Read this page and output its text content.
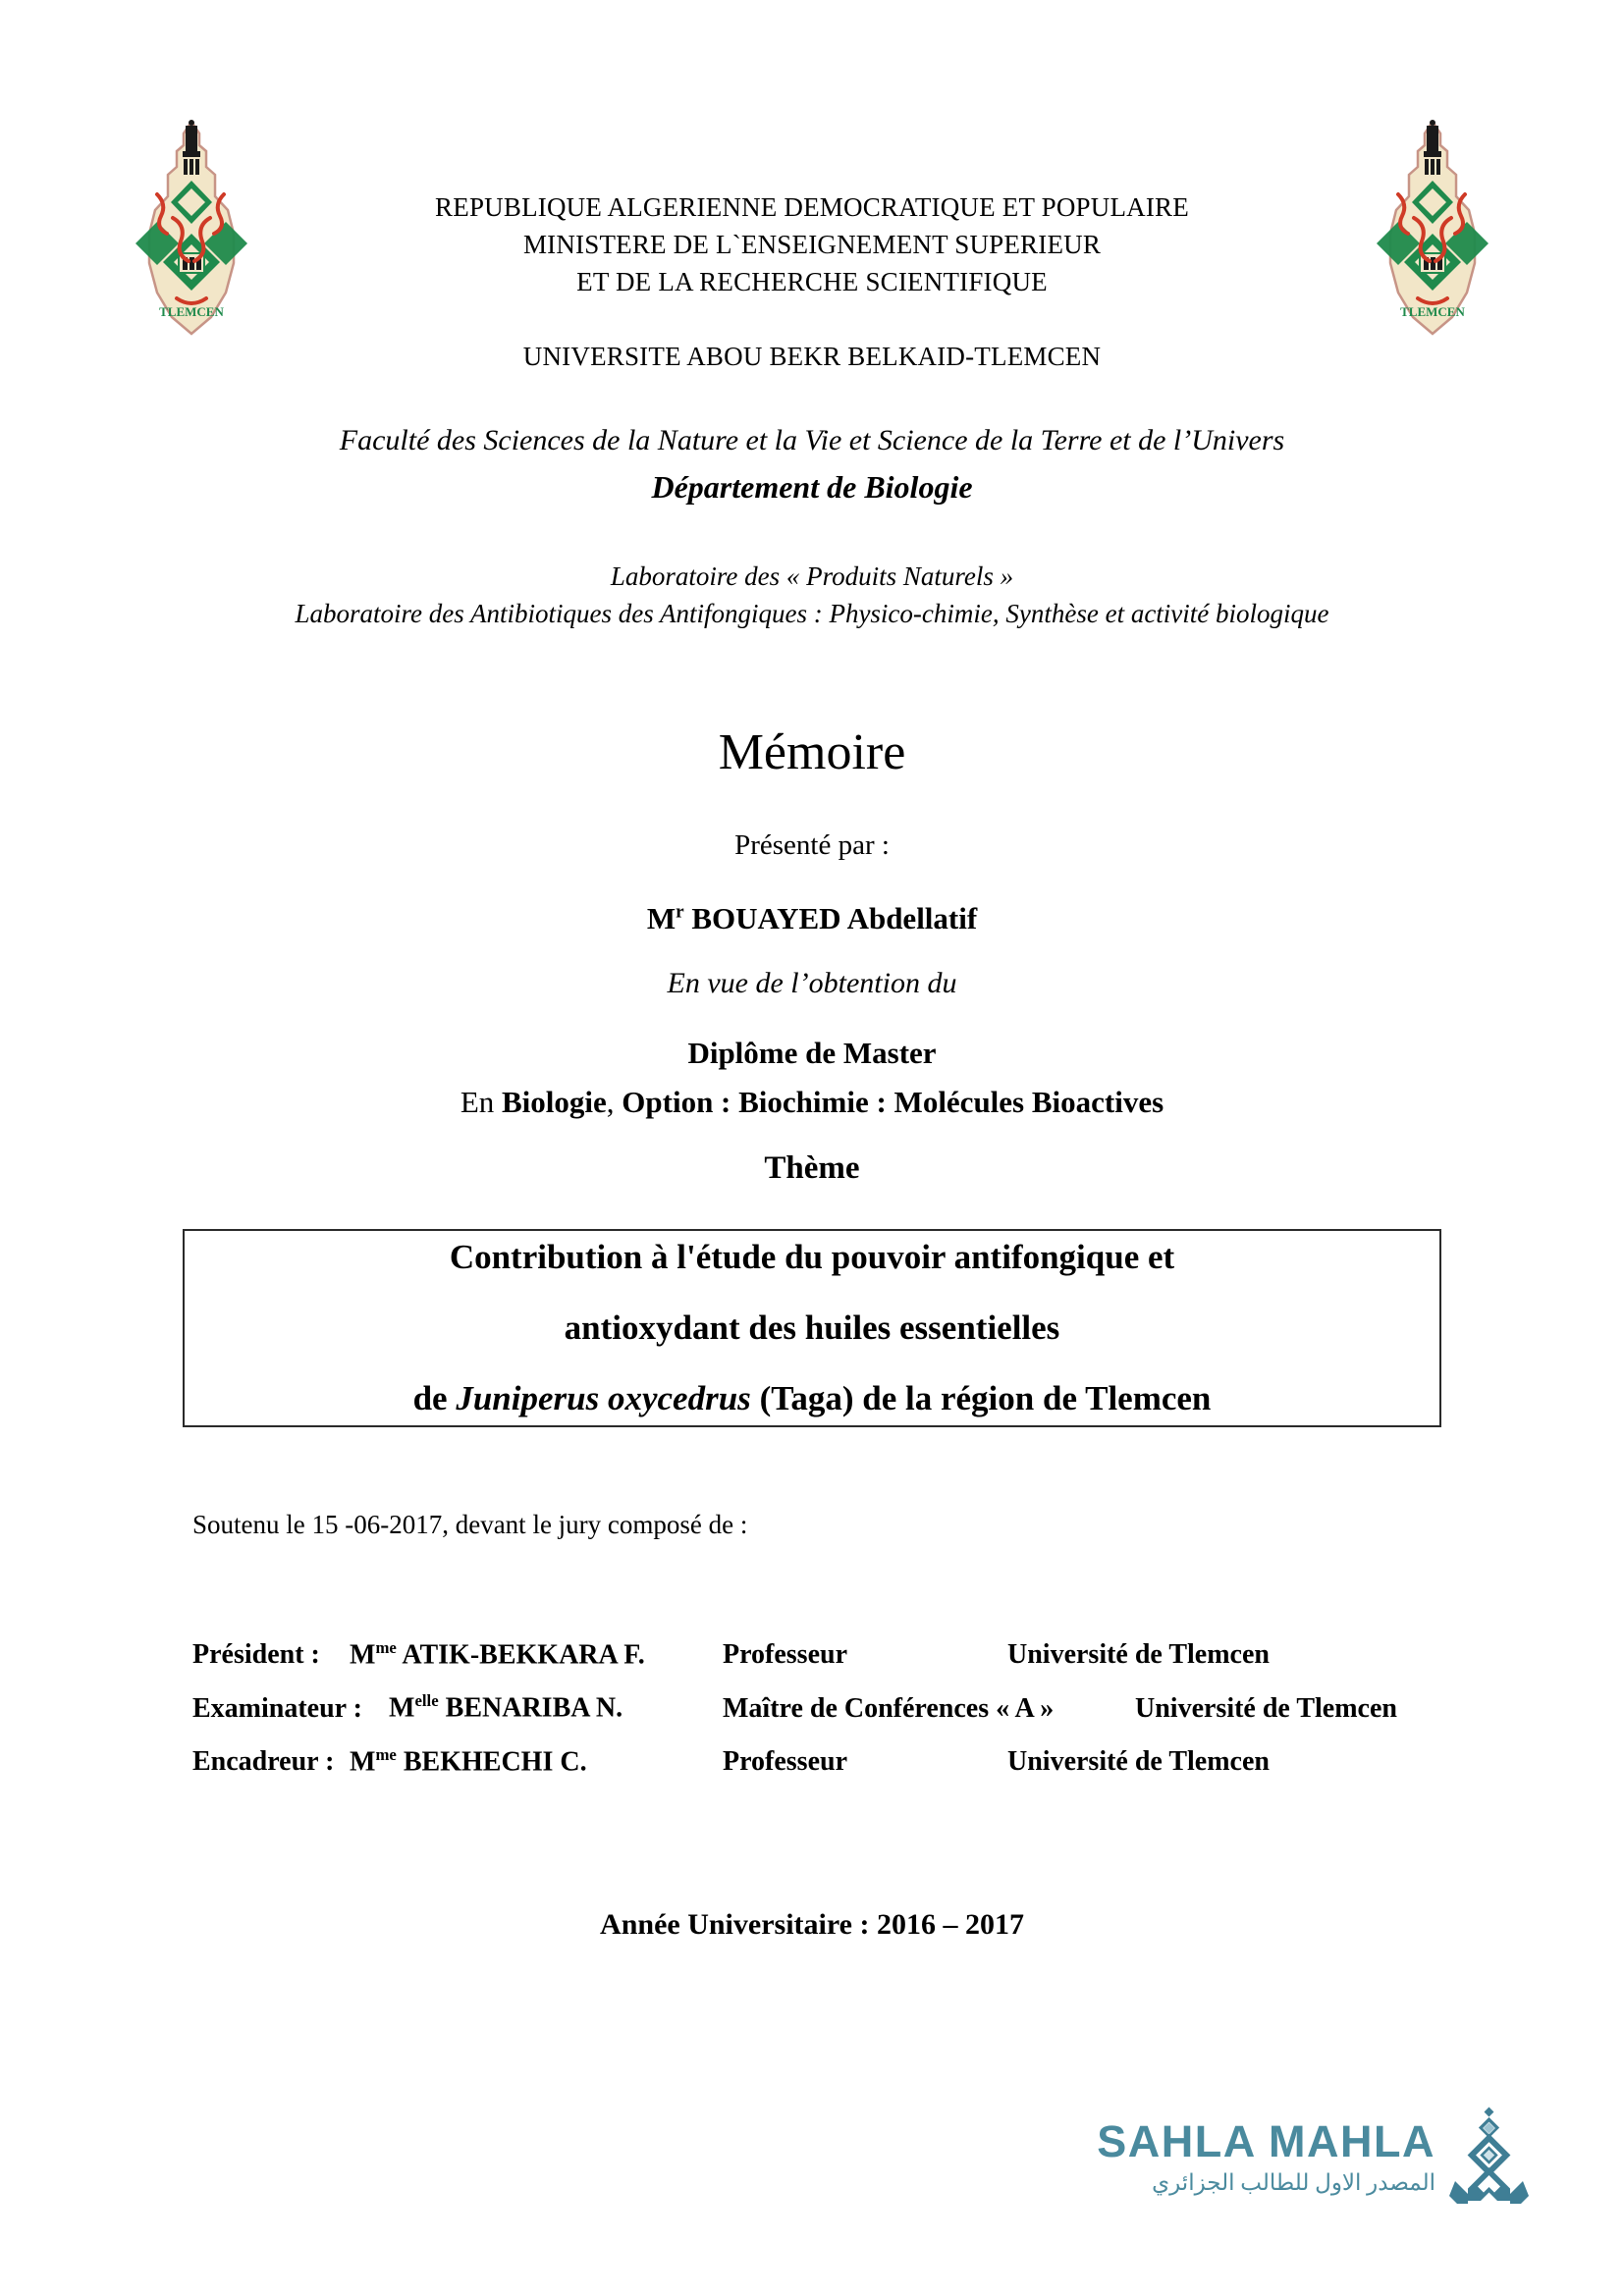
TLEMCEN	TLEMCEN
REPUBLIQUE ALGERIENNE DEMOCRATIQUE ET POPULAIRE
MINISTERE DE L`ENSEIGNEMENT SUPERIEUR
ET DE LA RECHERCHE SCIENTIFIQUE
UNIVERSITE ABOU BEKR BELKAID-TLEMCEN
Faculté des Sciences de la Nature et la Vie et Science de la Terre et de l’Univers
Département de Biologie
Laboratoire des « Produits Naturels »
Laboratoire des Antibiotiques des Antifongiques : Physico-chimie, Synthèse et activité biologique
Mémoire
Présenté par :
$M^r$ BOUAYED Abdellatif
En vue de l’obtention du
Diplôme de Master
En Biologie, Option : Biochimie : Molécules Bioactives
Thème
Contribution à l'étude du pouvoir antifongique et
antioxydant des huiles essentielles
de Juniperus oxycedrus (Taga) de la région de Tlemcen
Soutenu le 15 -06-2017, devant le jury composé de :
Président :	$M^{me}$ ATIK-BEKKARA F.	Professeur	Université de Tlemcen
Examinateur : $M^{elle}$ BENARIBA N.	Maître de Conférences « A »	Université de Tlemcen
Encadreur : $M^{me}$ BEKHECHI C.	Professeur	Université de Tlemcen
Année Universitaire : 2016 – 2017
SAHLA MAHLA
المصدر الاول للطالب الجزائري
